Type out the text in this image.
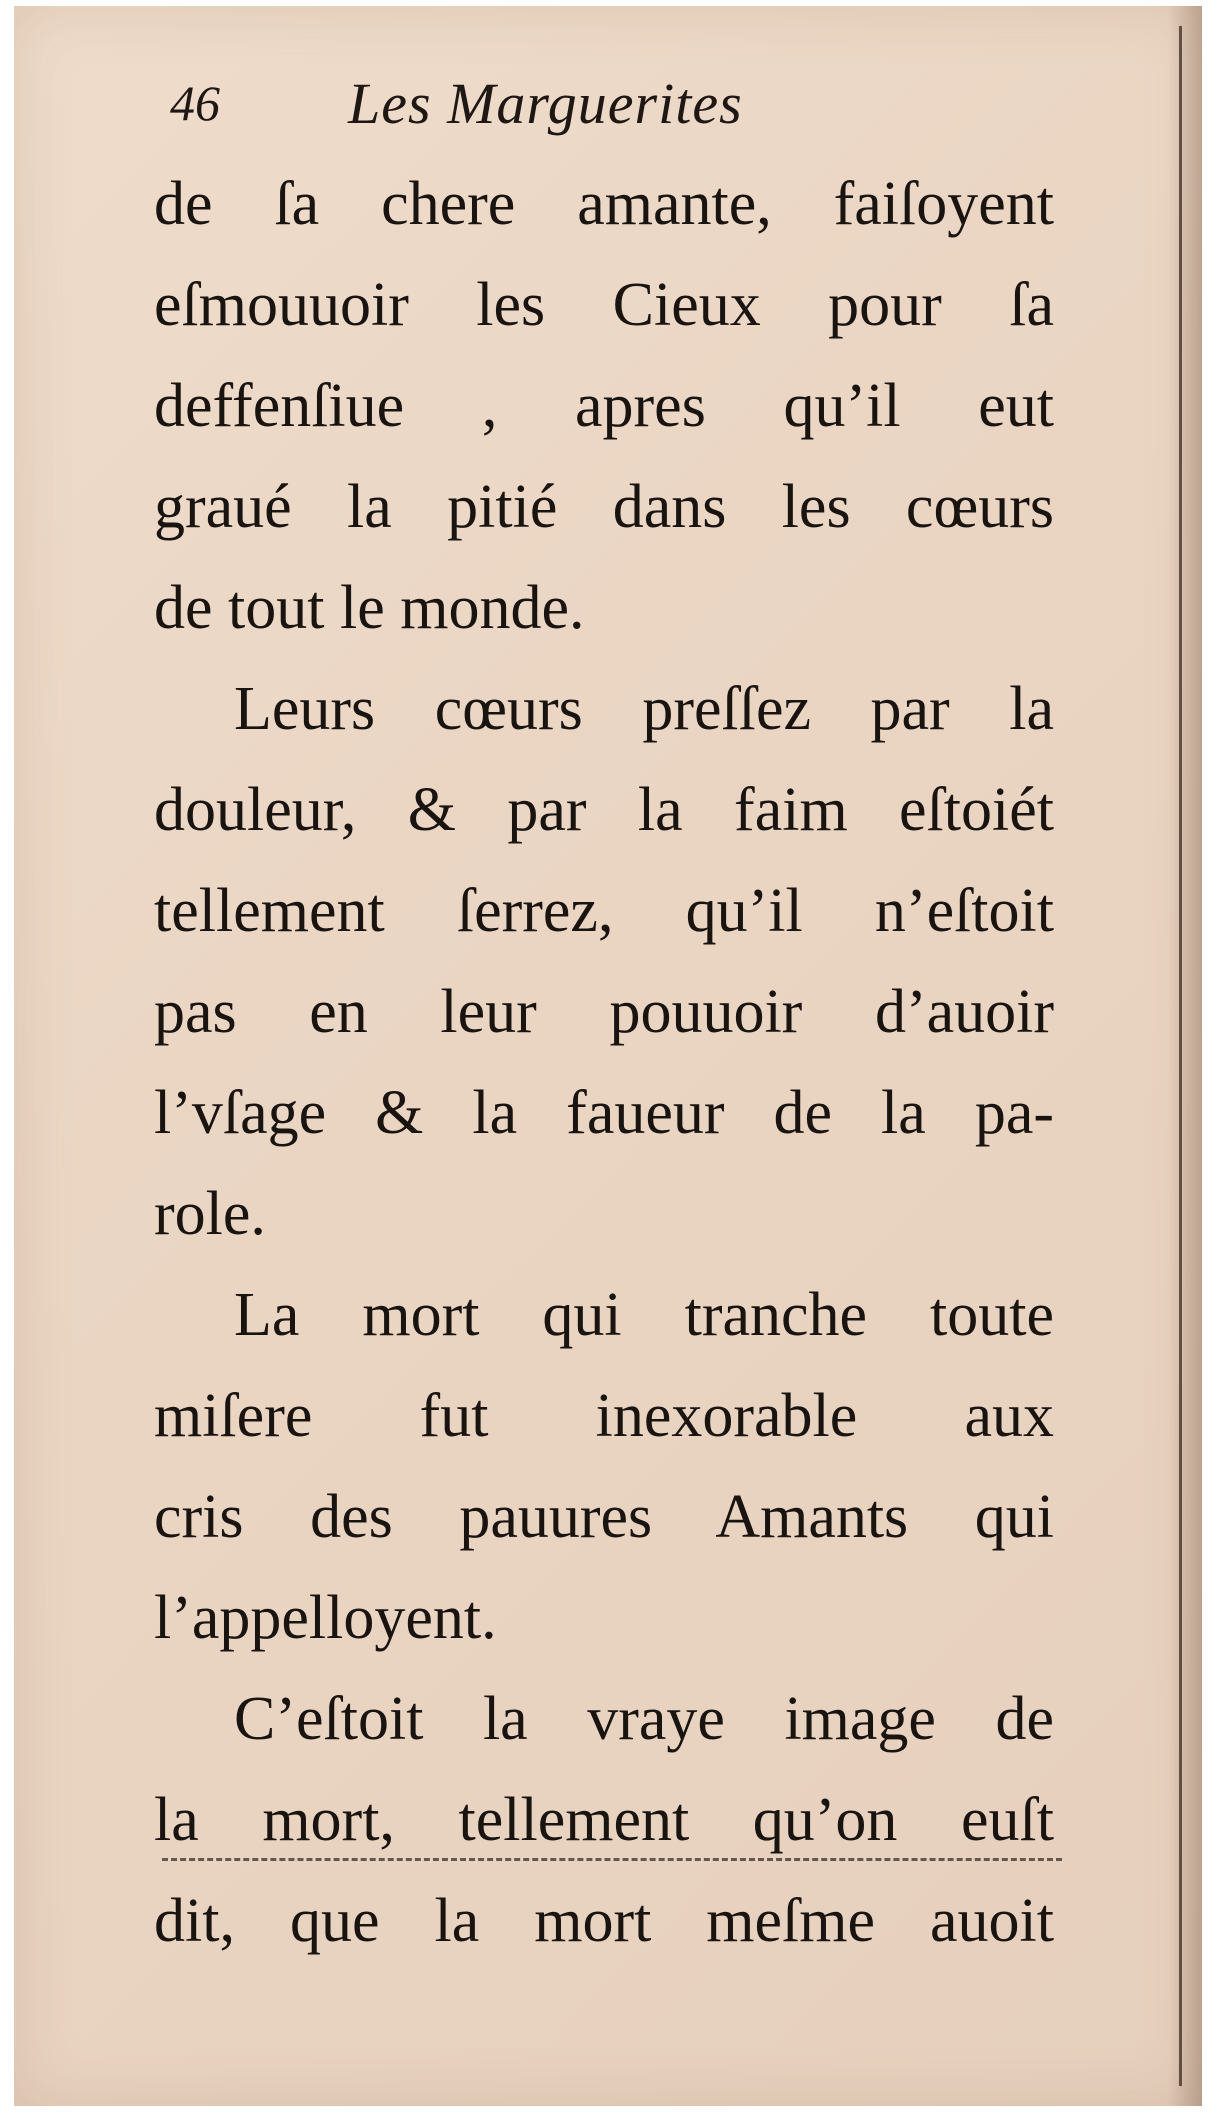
46 Les Marguerites
de ſa chere amante, faiſoyent
eſmouuoir les Cieux pour ſa
deffenſiue , apres qu’il eut
graué la pitié dans les cœurs
de tout le monde.
Leurs cœurs preſſez par la
douleur, & par la faim eſtoiét
tellement ſerrez, qu’il n’eſtoit
pas en leur pouuoir d’auoir
l’vſage & la faueur de la pa-
role.
La mort qui tranche toute
miſere fut inexorable aux
cris des pauures Amants qui
l’appelloyent.
C’eſtoit la vraye image de
la mort, tellement qu’on euſt
dit, que la mort meſme auoit
